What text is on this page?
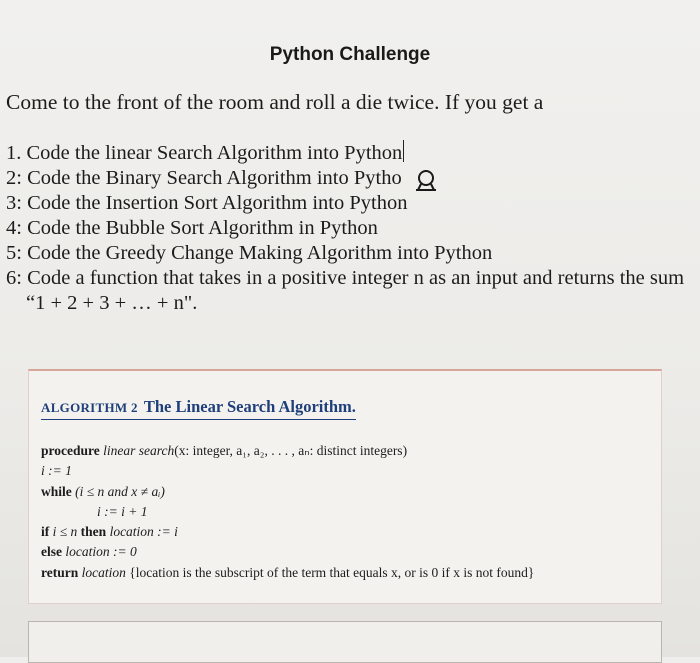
Python Challenge
Come to the front of the room and roll a die twice. If you get a
1. Code the linear Search Algorithm into Python
2: Code the Binary Search Algorithm into Pytho
3: Code the Insertion Sort Algorithm into Python
4: Code the Bubble Sort Algorithm in Python
5: Code the Greedy Change Making Algorithm into Python
6: Code a function that takes in a positive integer n as an input and returns the sum “1 + 2 + 3 + … + n".
ALGORITHM 2 The Linear Search Algorithm.
procedure linear search(x: integer, a₁, a₂, . . . , aₙ: distinct integers)
i := 1
while (i ≤ n and x ≠ aᵢ)
i := i + 1
if i ≤ n then location := i
else location := 0
return location {location is the subscript of the term that equals x, or is 0 if x is not found}
